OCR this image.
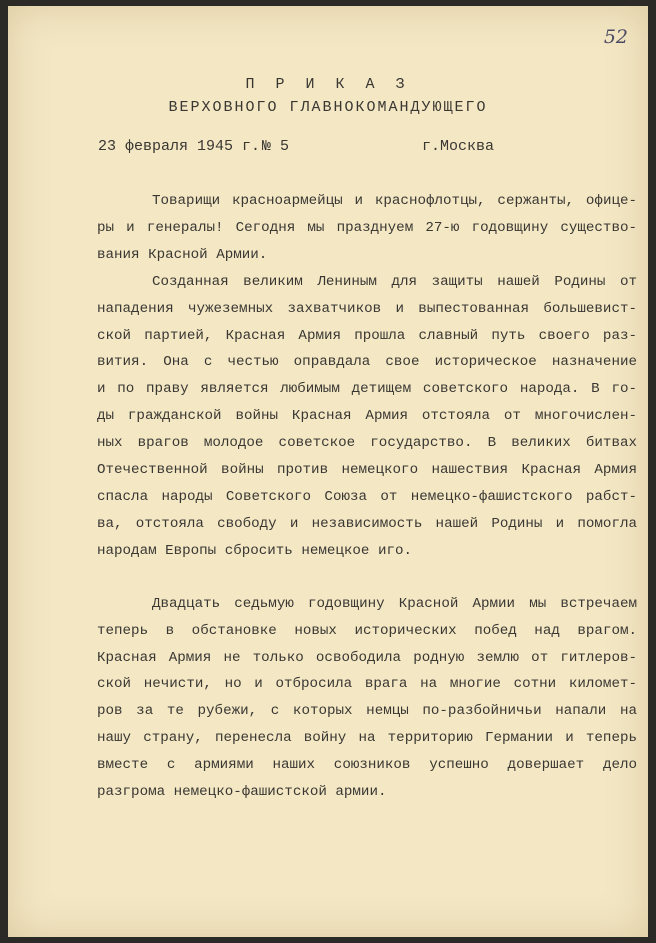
52
П Р И К А З
ВЕРХОВНОГО ГЛАВНОКОМАНДУЮЩЕГО
23 февраля 1945 г. № 5	г.Москва
Товарищи красноармейцы и краснофлотцы, сержанты, офице-
ры и генералы! Сегодня мы празднуем 27-ю годовщину существо-
вания Красной Армии.
Созданная великим Лениным для защиты нашей Родины от
нападения чужеземных захватчиков и выпестованная большевист-
ской партией, Красная Армия прошла славный путь своего раз-
вития. Она с честью оправдала свое историческое назначение
и по праву является любимым детищем советского народа. В го-
ды гражданской войны Красная Армия отстояла от многочислен-
ных врагов молодое советское государство. В великих битвах
Отечественной войны против немецкого нашествия Красная Армия
спасла народы Советского Союза от немецко-фашистского рабст-
ва, отстояла свободу и независимость нашей Родины и помогла
народам Европы сбросить немецкое иго.
Двадцать седьмую годовщину Красной Армии мы встречаем
теперь в обстановке новых исторических побед над врагом.
Красная Армия не только освободила родную землю от гитлеров-
ской нечисти, но и отбросила врага на многие сотни километ-
ров за те рубежи, с которых немцы по-разбойничьи напали на
нашу страну, перенесла войну на территорию Германии и теперь
вместе с армиями наших союзников успешно довершает дело
разгрома немецко-фашистской армии.
